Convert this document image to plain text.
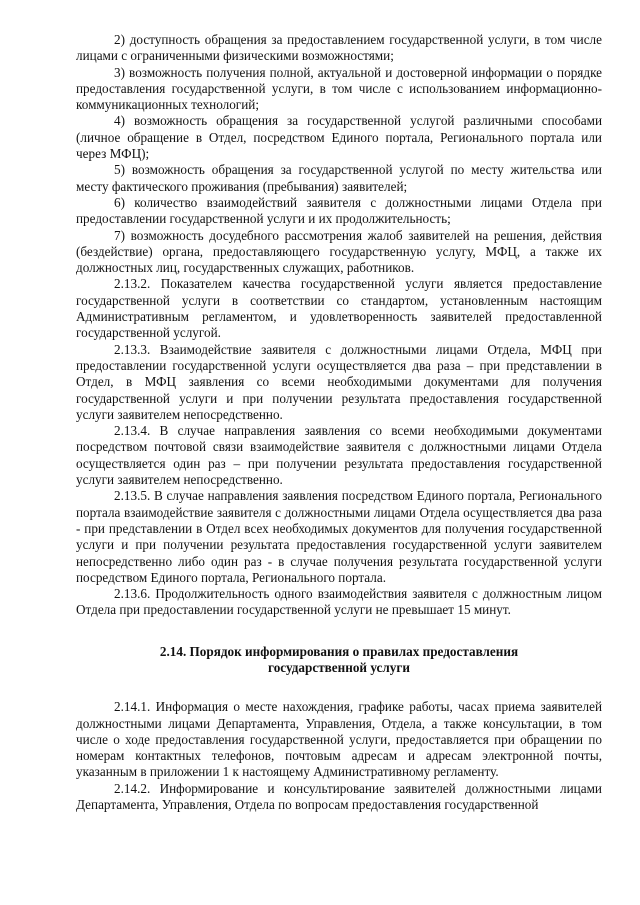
2) доступность обращения за предоставлением государственной услуги, в том числе лицами с ограниченными физическими возможностями;

3) возможность получения полной, актуальной и достоверной информации о порядке предоставления государственной услуги, в том числе с использованием информационно-коммуникационных технологий;

4) возможность обращения за государственной услугой различными способами (личное обращение в Отдел, посредством Единого портала, Регионального портала или через МФЦ);

5) возможность обращения за государственной услугой по месту жительства или месту фактического проживания (пребывания) заявителей;

6) количество взаимодействий заявителя с должностными лицами Отдела при предоставлении государственной услуги и их продолжительность;

7) возможность досудебного рассмотрения жалоб заявителей на решения, действия (бездействие) органа, предоставляющего государственную услугу, МФЦ, а также их должностных лиц, государственных служащих, работников.

2.13.2. Показателем качества государственной услуги является предоставление государственной услуги в соответствии со стандартом, установленным настоящим Административным регламентом, и удовлетворенность заявителей предоставленной государственной услугой.

2.13.3. Взаимодействие заявителя с должностными лицами Отдела, МФЦ при предоставлении государственной услуги осуществляется два раза – при представлении в Отдел, в МФЦ заявления со всеми необходимыми документами для получения государственной услуги и при получении результата предоставления государственной услуги заявителем непосредственно.

2.13.4. В случае направления заявления со всеми необходимыми документами посредством почтовой связи взаимодействие заявителя с должностными лицами Отдела осуществляется один раз – при получении результата предоставления государственной услуги заявителем непосредственно.

2.13.5. В случае направления заявления посредством Единого портала, Регионального портала взаимодействие заявителя с должностными лицами Отдела осуществляется два раза - при представлении в Отдел всех необходимых документов для получения государственной услуги и при получении результата предоставления государственной услуги заявителем непосредственно либо один раз - в случае получения результата государственной услуги посредством Единого портала, Регионального портала.

2.13.6. Продолжительность одного взаимодействия заявителя с должностным лицом Отдела при предоставлении государственной услуги не превышает 15 минут.

2.14. Порядок информирования о правилах предоставления
государственной услуги

2.14.1. Информация о месте нахождения, графике работы, часах приема заявителей должностными лицами Департамента, Управления, Отдела, а также консультации, в том числе о ходе предоставления государственной услуги, предоставляется при обращении по номерам контактных телефонов, почтовым адресам и адресам электронной почты, указанным в приложении 1 к настоящему Административному регламенту.

2.14.2. Информирование и консультирование заявителей должностными лицами Департамента, Управления, Отдела по вопросам предоставления государственной
